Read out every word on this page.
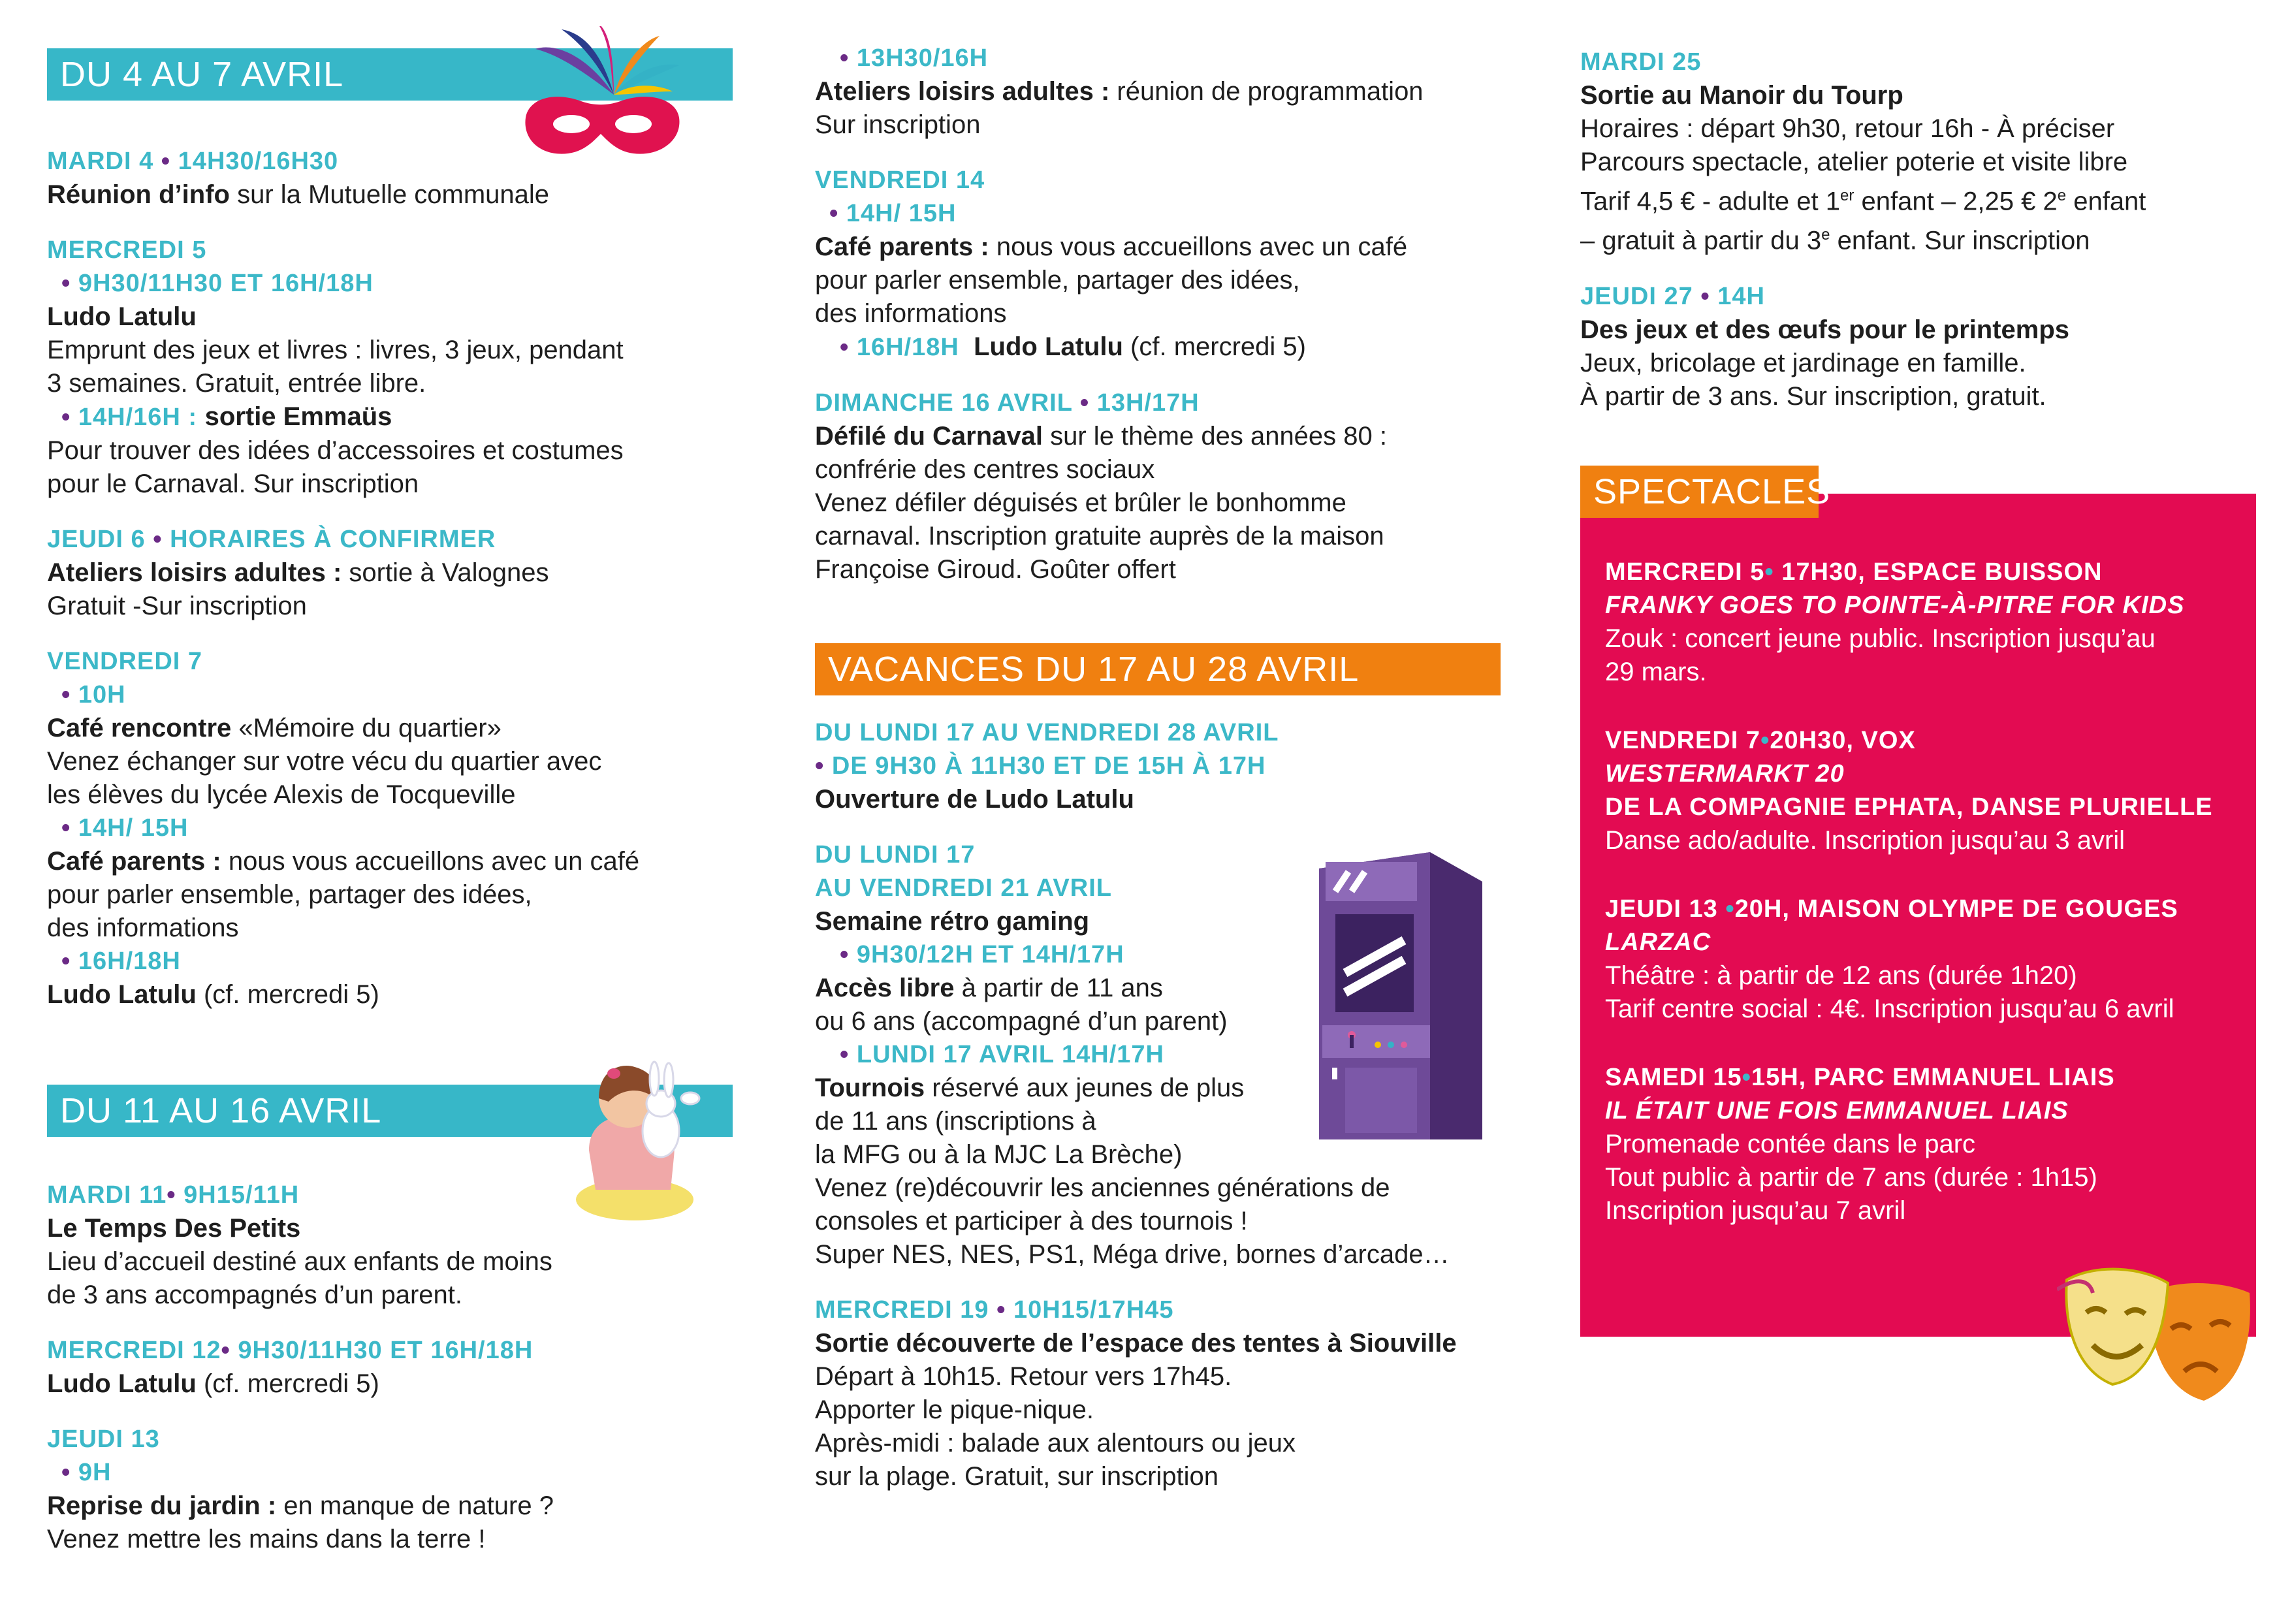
DU 4 AU 7 AVRIL

MARDI 4 • 14H30/16H30

Réunion d’info sur la Mutuelle communale

MERCREDI 5

• 9H30/11H30 ET 16H/18H

Ludo Latulu

Emprunt des jeux et livres : livres, 3 jeux, pendant

3 semaines. Gratuit, entrée libre.

• 14H/16H : sortie Emmaüs

Pour trouver des idées d’accessoires et costumes

pour le Carnaval. Sur inscription

JEUDI 6 • HORAIRES À CONFIRMER

Ateliers loisirs adultes : sortie à Valognes

Gratuit -Sur inscription

VENDREDI 7

• 10H

Café rencontre «Mémoire du quartier»

Venez échanger sur votre vécu du quartier avec

les élèves du lycée Alexis de Tocqueville

• 14H/ 15H

Café parents : nous vous accueillons avec un café

pour parler ensemble, partager des idées,

des informations

• 16H/18H

Ludo Latulu (cf. mercredi 5)

DU 11 AU 16 AVRIL

MARDI 11• 9H15/11H

Le Temps Des Petits

Lieu d’accueil destiné aux enfants de moins

de 3 ans accompagnés d’un parent.

MERCREDI 12• 9H30/11H30 ET 16H/18H

Ludo Latulu (cf. mercredi 5)

JEUDI 13

• 9H

Reprise du jardin : en manque de nature ?

Venez mettre les mains dans la terre !

• 13H30/16H

Ateliers loisirs adultes : réunion de programmation

Sur inscription

VENDREDI 14

• 14H/ 15H

Café parents : nous vous accueillons avec un café

pour parler ensemble, partager des idées,

des informations

• 16H/18H Ludo Latulu (cf. mercredi 5)

DIMANCHE 16 AVRIL • 13H/17H

Défilé du Carnaval sur le thème des années 80 :

confrérie des centres sociaux

Venez défiler déguisés et brûler le bonhomme

carnaval. Inscription gratuite auprès de la maison

Françoise Giroud. Goûter offert

VACANCES DU 17 AU 28 AVRIL

DU LUNDI 17 AU VENDREDI 28 AVRIL

• DE 9H30 À 11H30 ET DE 15H À 17H

Ouverture de Ludo Latulu

DU LUNDI 17

AU VENDREDI 21 AVRIL

Semaine rétro gaming

• 9H30/12H ET 14H/17H

Accès libre à partir de 11 ans

ou 6 ans (accompagné d’un parent)

• LUNDI 17 AVRIL 14H/17H

Tournois réservé aux jeunes de plus

de 11 ans (inscriptions à

la MFG ou à la MJC La Brèche)

Venez (re)découvrir les anciennes générations de

consoles et participer à des tournois !

Super NES, NES, PS1, Méga drive, bornes d’arcade…

MERCREDI 19 • 10H15/17H45

Sortie découverte de l’espace des tentes à Siouville

Départ à 10h15. Retour vers 17h45.

Apporter le pique-nique.

Après-midi : balade aux alentours ou jeux

sur la plage. Gratuit, sur inscription

MARDI 25

Sortie au Manoir du Tourp

Horaires : départ 9h30, retour 16h - À préciser

Parcours spectacle, atelier poterie et visite libre

Tarif 4,5 € - adulte et 1er enfant – 2,25 € 2e enfant

– gratuit à partir du 3e enfant. Sur inscription

JEUDI 27 • 14H

Des jeux et des œufs pour le printemps

Jeux, bricolage et jardinage en famille.

À partir de 3 ans. Sur inscription, gratuit.

MERCREDI 5• 17H30, ESPACE BUISSON

FRANKY GOES TO POINTE-À-PITRE FOR KIDS

Zouk : concert jeune public. Inscription jusqu’au

29 mars.

VENDREDI 7•20H30, VOX

WESTERMARKT 20

DE LA COMPAGNIE EPHATA, DANSE PLURIELLE

Danse ado/adulte. Inscription jusqu’au 3 avril

JEUDI 13 •20H, MAISON OLYMPE DE GOUGES

LARZAC

Théâtre : à partir de 12 ans (durée 1h20)

Tarif centre social : 4€. Inscription jusqu’au 6 avril

SAMEDI 15•15H, PARC EMMANUEL LIAIS

IL ÉTAIT UNE FOIS EMMANUEL LIAIS

Promenade contée dans le parc

Tout public à partir de 7 ans (durée : 1h15)

Inscription jusqu’au 7 avril

SPECTACLES
